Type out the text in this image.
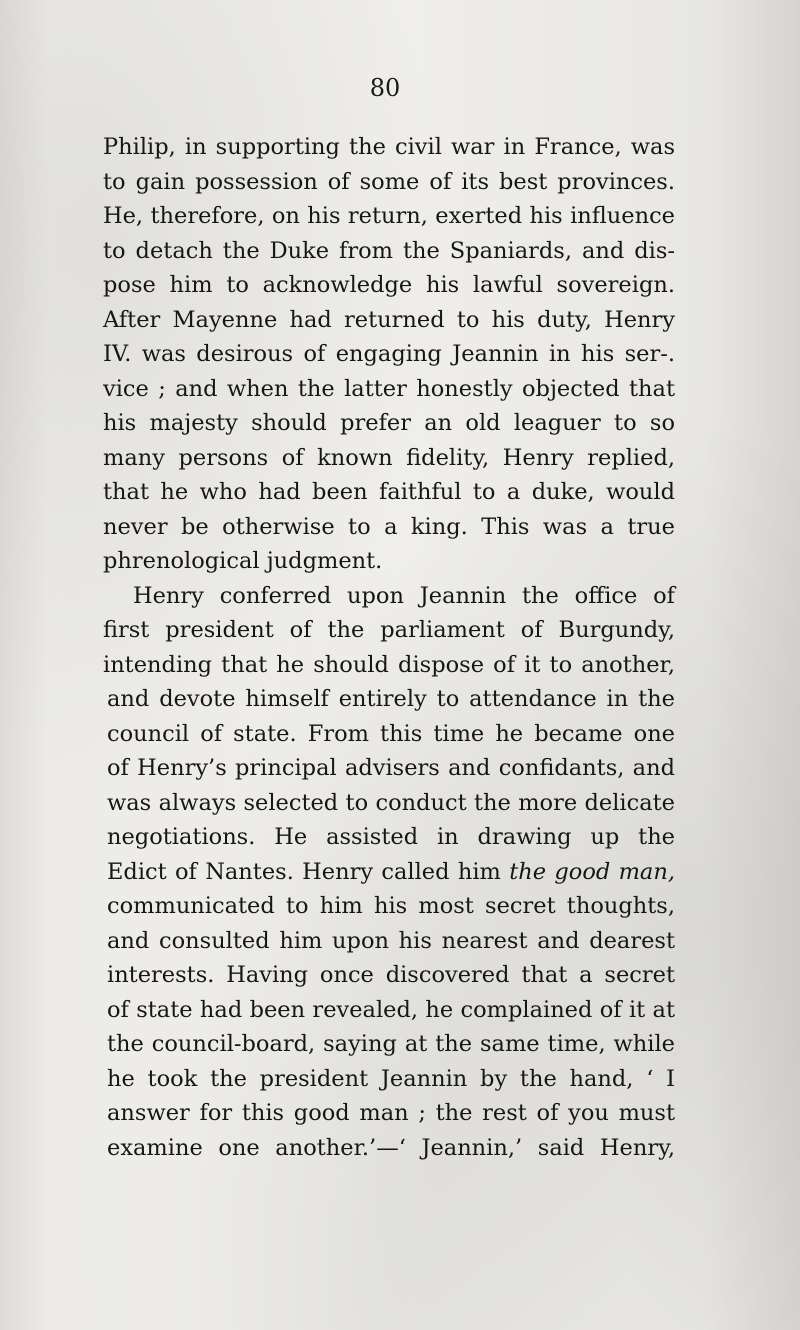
80
Philip, in supporting the civil war in France, was
to gain possession of some of its best provinces.
He, therefore, on his return, exerted his influence
to detach the Duke from the Spaniards, and dis-
pose him to acknowledge his lawful sovereign.
After Mayenne had returned to his duty, Henry
IV. was desirous of engaging Jeannin in his ser-.
vice ; and when the latter honestly objected that
his majesty should prefer an old leaguer to so
many persons of known fidelity, Henry replied,
that he who had been faithful to a duke, would
never be otherwise to a king. This was a true
phrenological judgment.
Henry conferred upon Jeannin the office of
first president of the parliament of Burgundy,
intending that he should dispose of it to another,
and devote himself entirely to attendance in the
council of state. From this time he became one
of Henry’s principal advisers and confidants, and
was always selected to conduct the more delicate
negotiations. He assisted in drawing up the
Edict of Nantes. Henry called him the good man,
communicated to him his most secret thoughts,
and consulted him upon his nearest and dearest
interests. Having once discovered that a secret
of state had been revealed, he complained of it at
the council-board, saying at the same time, while
he took the president Jeannin by the hand, ‘ I
answer for this good man ; the rest of you must
examine one another.’—‘ Jeannin,’ said Henry,
